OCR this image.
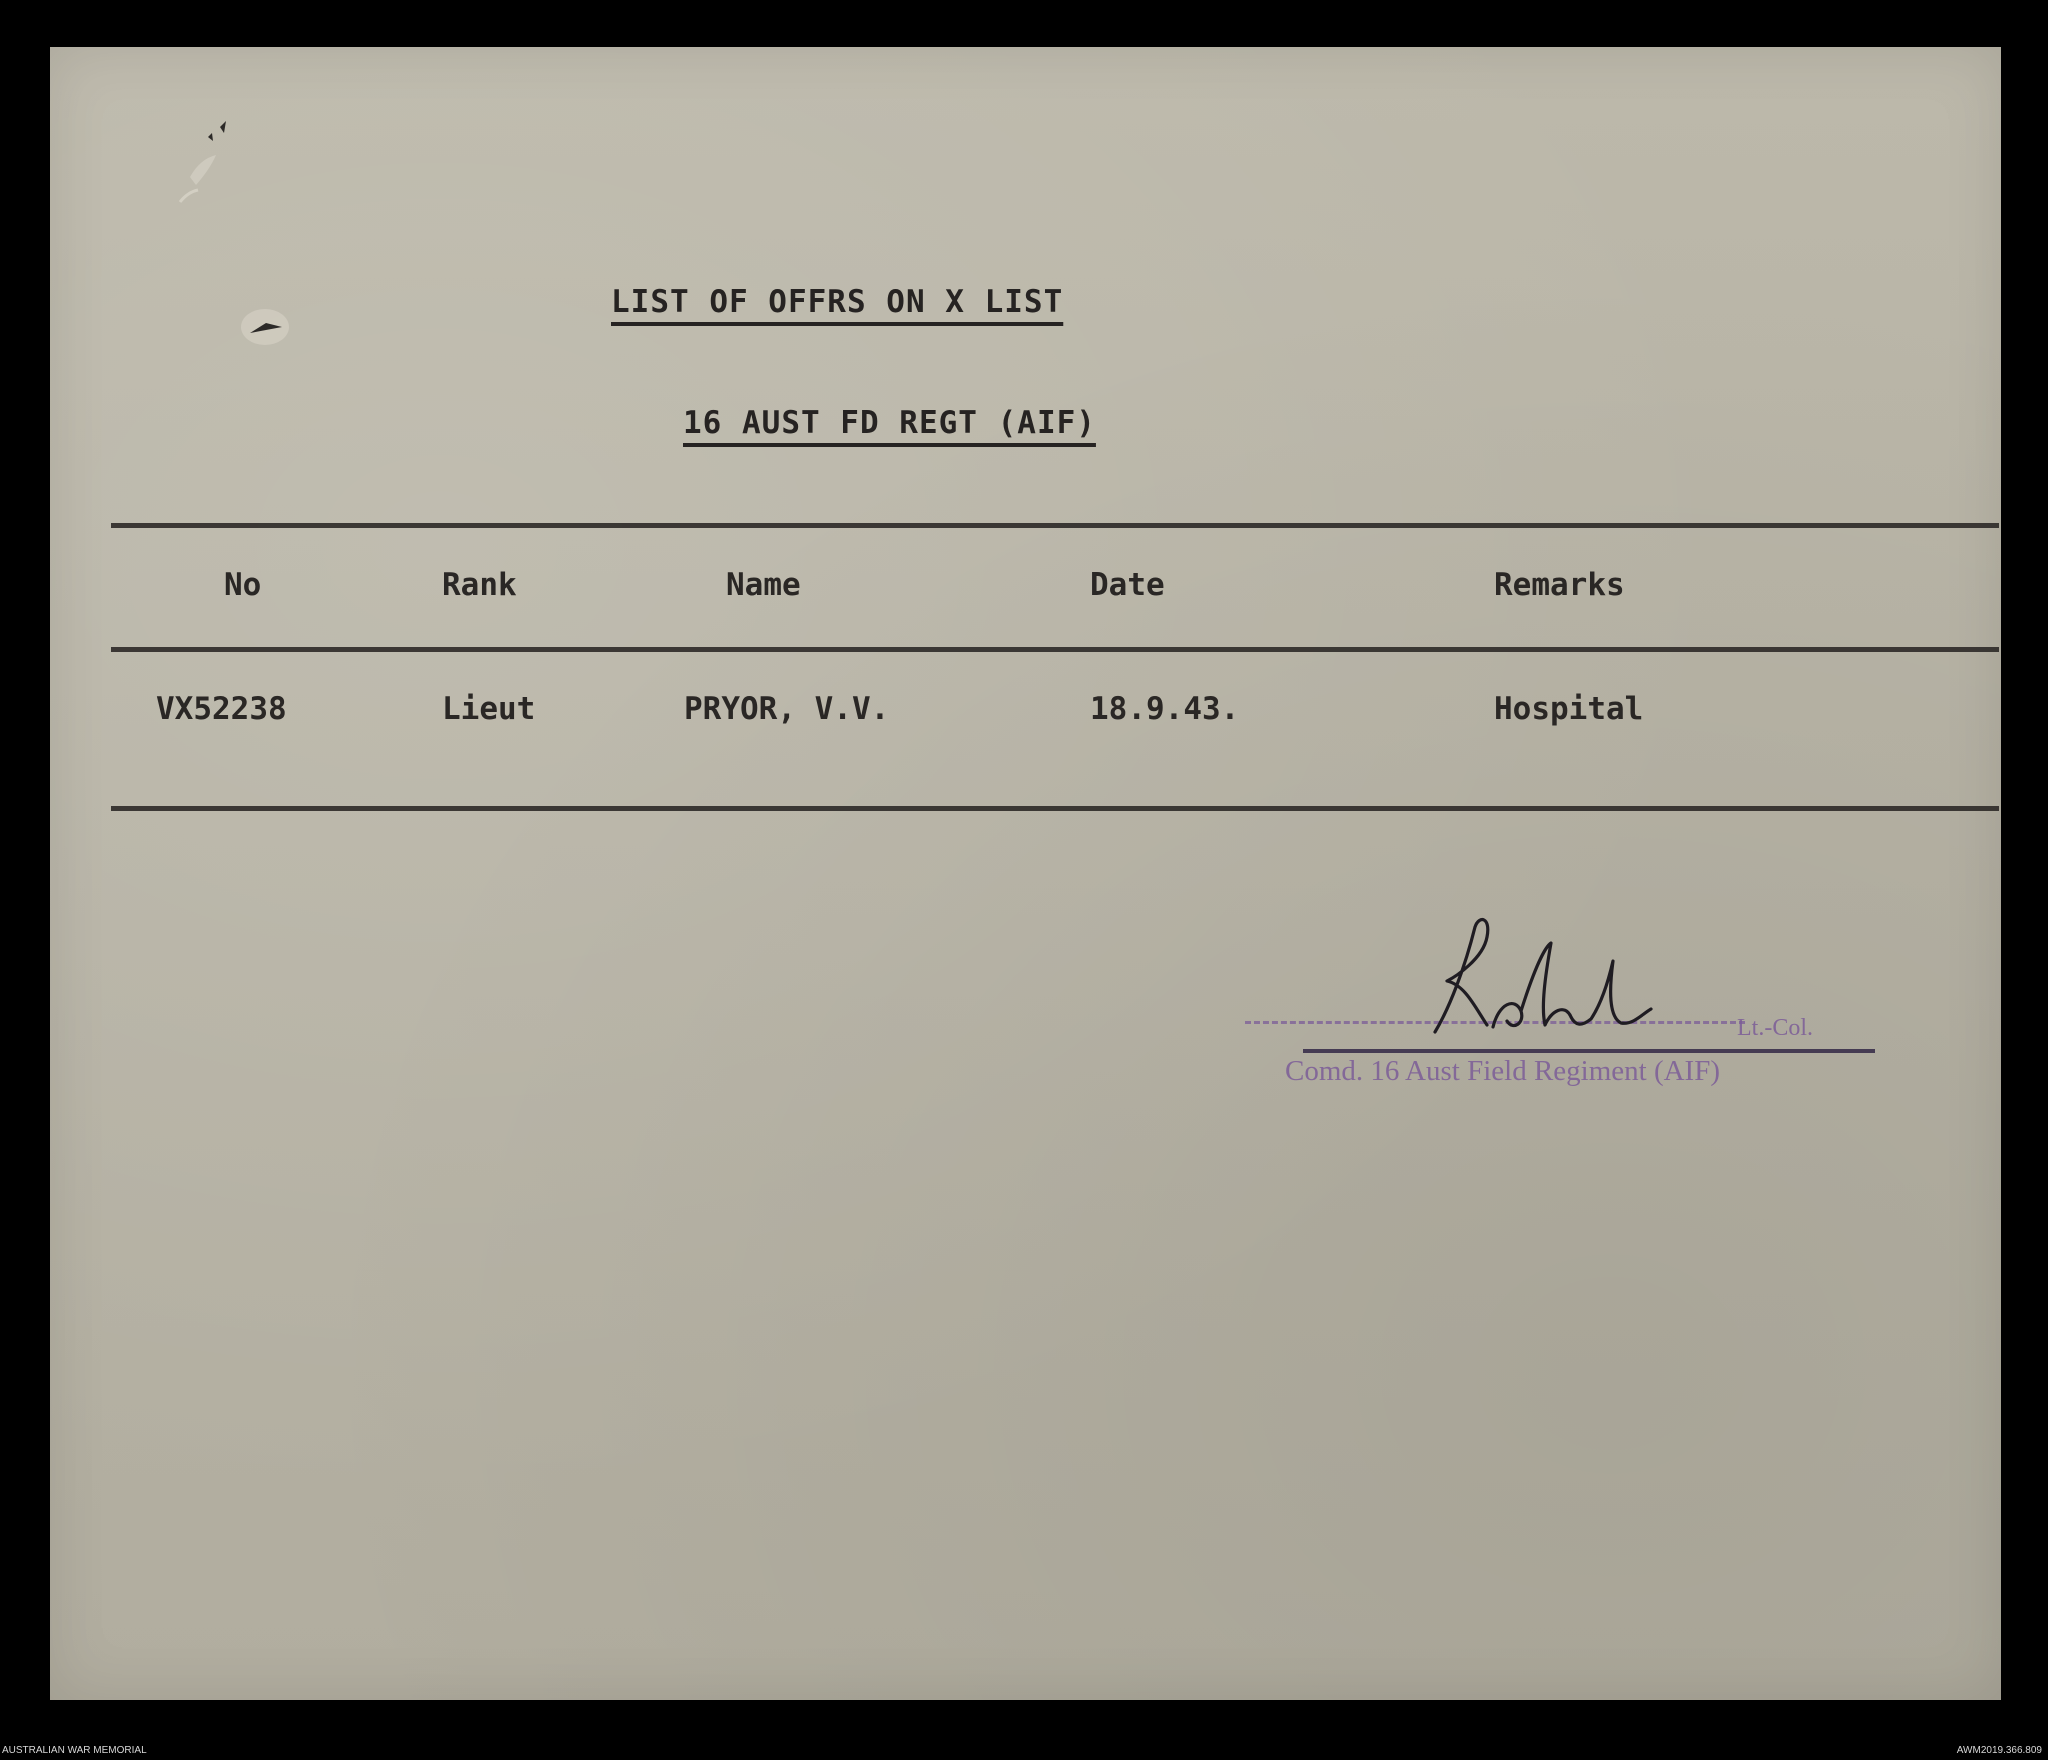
LIST OF OFFRS ON X LIST
16 AUST FD REGT (AIF)
No	Rank	Name	Date	Remarks
VX52238	Lieut	PRYOR, V.V.	18.9.43.	Hospital
Lt.-Col.
Comd. 16 Aust Field Regiment (AIF)
AUSTRALIAN WAR MEMORIAL	AWM2019.366.809
